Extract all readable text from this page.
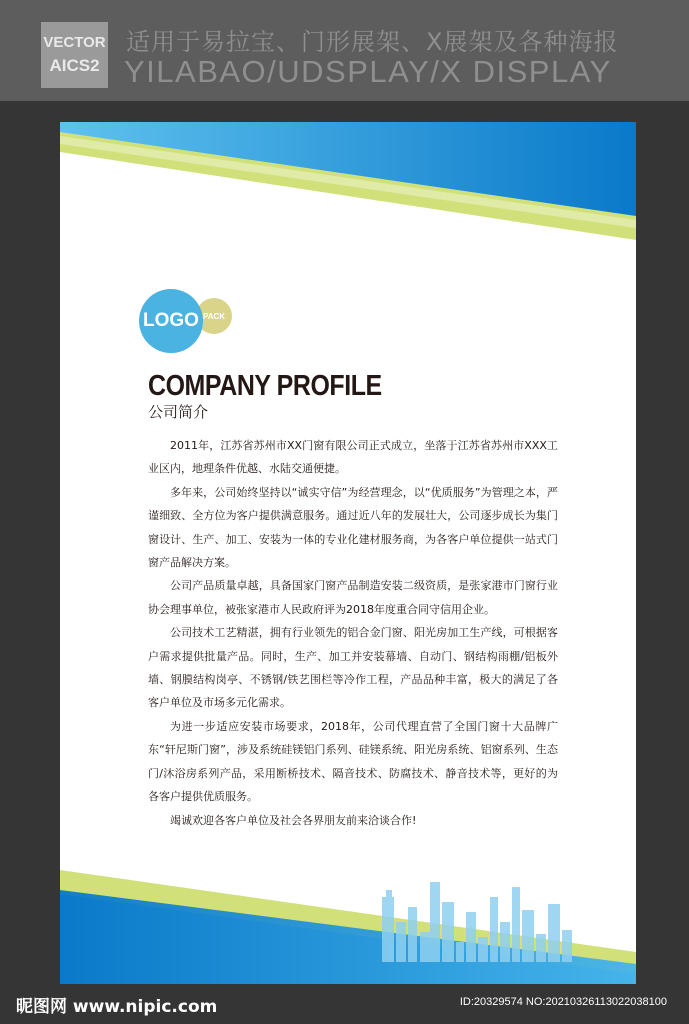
VECTOR
AICS2
适用于易拉宝、门形展架、X展架及各种海报
YILABAO/UDSPLAY/X DISPLAY
LOGO PACK
COMPANY PROFILE
公司简介

2011年，江苏省苏州市XX门窗有限公司正式成立，坐落于江苏省苏州市XXX工业区内，地理条件优越、水陆交通便捷。

多年来，公司始终坚持以“诚实守信”为经营理念，以“优质服务”为管理之本，严谨细致、全方位为客户提供满意服务。通过近八年的发展壮大，公司逐步成长为集门窗设计、生产、加工、安装为一体的专业化建材服务商，为各客户单位提供一站式门窗产品解决方案。

公司产品质量卓越，具备国家门窗产品制造安装二级资质，是张家港市门窗行业协会理事单位，被张家港市人民政府评为2018年度重合同守信用企业。

公司技术工艺精湛，拥有行业领先的铝合金门窗、阳光房加工生产线，可根据客户需求提供批量产品。同时，生产、加工并安装幕墙、自动门、钢结构雨棚/铝板外墙、钢膜结构岗亭、不锈钢/铁艺围栏等冷作工程，产品品种丰富，极大的满足了各客户单位及市场多元化需求。

为进一步适应安装市场要求，2018年，公司代理直营了全国门窗十大品牌广东“轩尼斯门窗”，涉及系统硅镁铝门系列、硅镁系统、阳光房系统、铝窗系列、生态门/沐浴房系列产品，采用断桥技术、隔音技术、防腐技术、静音技术等，更好的为各客户提供优质服务。

竭诚欢迎各客户单位及社会各界朋友前来洽谈合作!

昵图网 www.nipic.com	ID:20329574 NO:20210326113022038100
